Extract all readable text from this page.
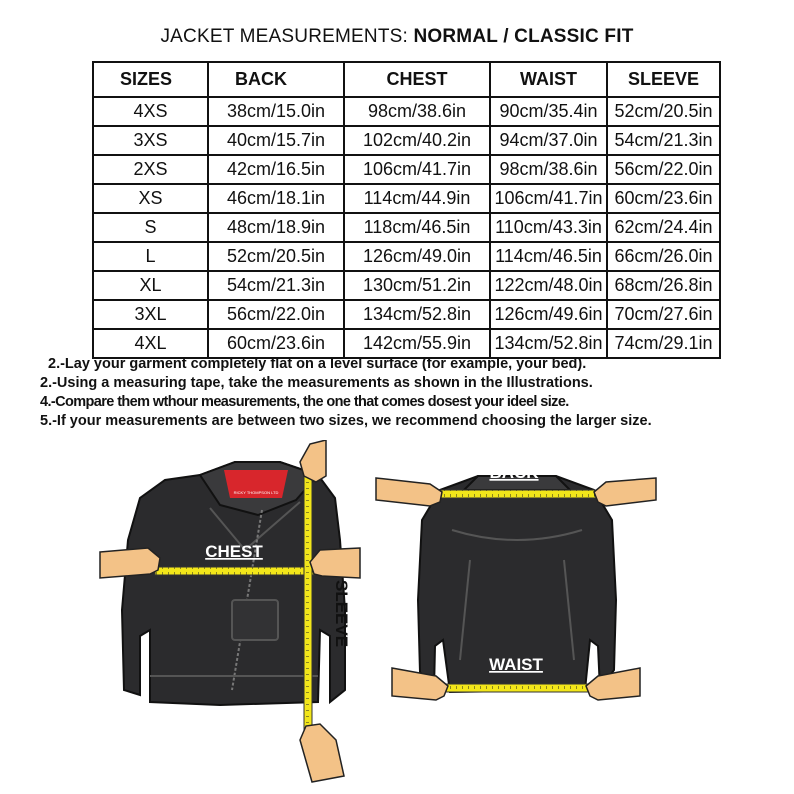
JACKET MEASUREMENTS: NORMAL / CLASSIC FIT
SIZES	BACK	CHEST	WAIST	SLEEVE
4XS	38cm/15.0in	98cm/38.6in	90cm/35.4in	52cm/20.5in
3XS	40cm/15.7in	102cm/40.2in	94cm/37.0in	54cm/21.3in
2XS	42cm/16.5in	106cm/41.7in	98cm/38.6in	56cm/22.0in
XS	46cm/18.1in	114cm/44.9in	106cm/41.7in	60cm/23.6in
S	48cm/18.9in	118cm/46.5in	110cm/43.3in	62cm/24.4in
L	52cm/20.5in	126cm/49.0in	114cm/46.5in	66cm/26.0in
XL	54cm/21.3in	130cm/51.2in	122cm/48.0in	68cm/26.8in
3XL	56cm/22.0in	134cm/52.8in	126cm/49.6in	70cm/27.6in
4XL	60cm/23.6in	142cm/55.9in	134cm/52.8in	74cm/29.1in
2.-Lay your garment completely flat on a level surface (for example, your bed).
2.-Using a measuring tape, take the measurements as shown in the Illustrations.
4.-Compare them wthour measurements, the one that comes dosest your ideel size.
5.-If your measurements are between two sizes, we recommend choosing the larger size.
RICKY THOMPSON LTD
CHEST
SLEEVE
BACK
WAIST
